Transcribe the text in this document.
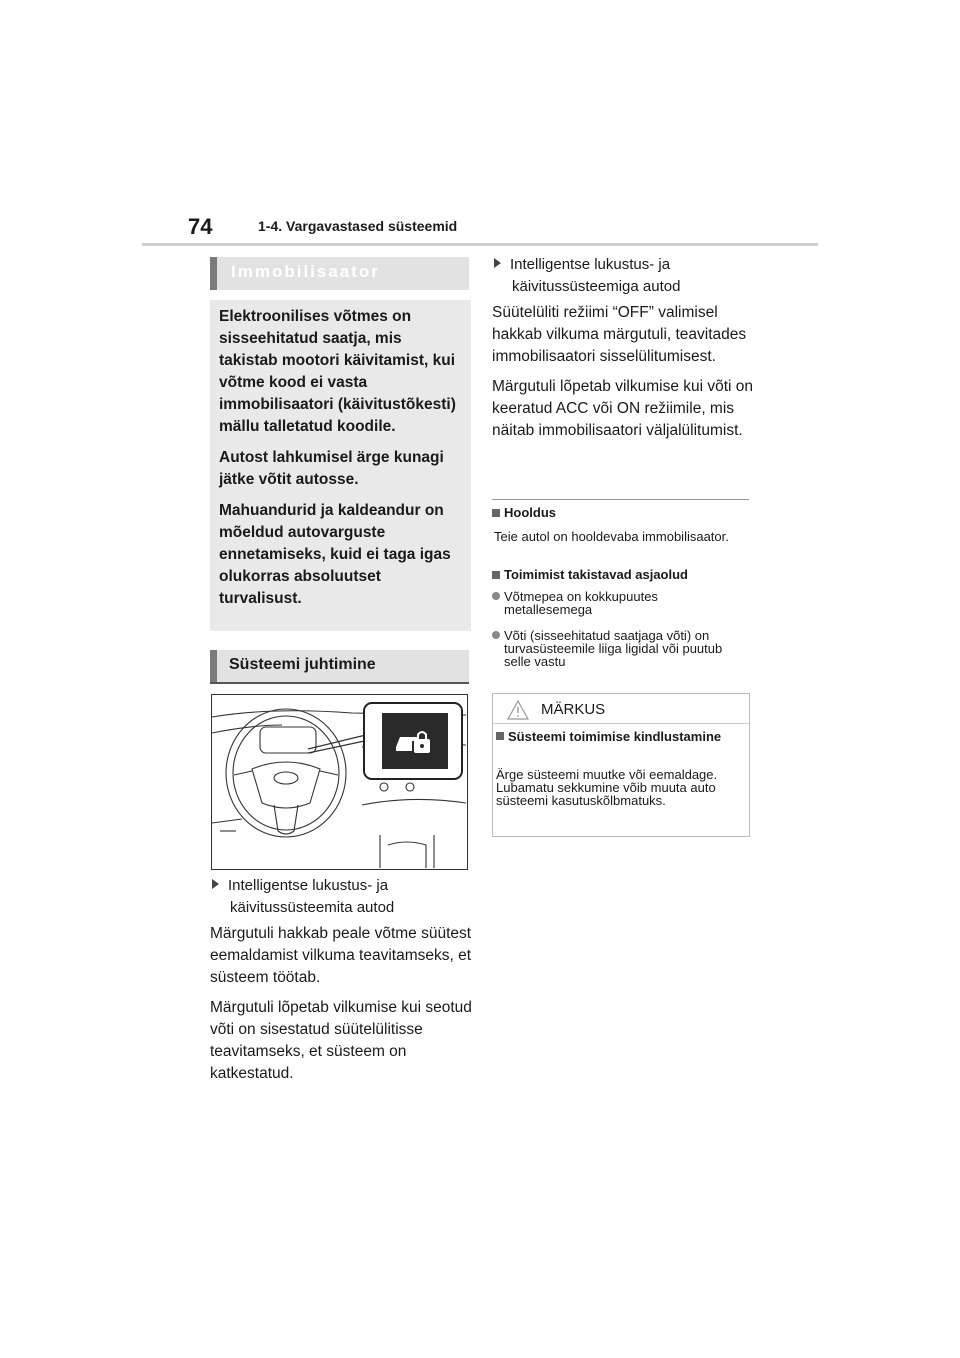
74	1-4. Vargavastased süsteemid
Immobilisaator

Elektroonilises võtmes on sisseehitatud saatja, mis takistab mootori käivitamist, kui võtme kood ei vasta immobilisaatori (käivitustõkesti) mällu talletatud koodile.

Autost lahkumisel ärge kunagi jätke võtit autosse.

Mahuandurid ja kaldeandur on mõeldud autovarguste ennetamiseks, kuid ei taga igas olukorras absoluutset turvalisust.

Süsteemi juhtimine
Intelligentse lukustus- ja
käivitussüsteemita autod

Märgutuli hakkab peale võtme süütest eemaldamist vilkuma teavitamseks, et süsteem töötab.

Märgutuli lõpetab vilkumise kui seotud võti on sisestatud süütelülitisse teavitamseks, et süsteem on katkestatud.

Intelligentse lukustus- ja
käivitussüsteemiga autod

Süütelüliti režiimi “OFF” valimisel hakkab vilkuma märgutuli, teavitades immobilisaatori sisselülitumisest.

Märgutuli lõpetab vilkumise kui võti on keeratud ACC või ON režiimile, mis näitab immobilisaatori väljalülitumist.

Hooldus
Teie autol on hooldevaba immobilisaator.
Toimimist takistavad asjaolud
Võtmepea on kokkupuutes metallesemega
Võti (sisseehitatud saatjaga võti) on turvasüsteemile liiga ligidal või puutub selle vastu
MÄRKUS
Süsteemi toimimise kindlustamine
Ärge süsteemi muutke või eemaldage. Lubamatu sekkumine võib muuta auto süsteemi kasutuskõlbmatuks.
